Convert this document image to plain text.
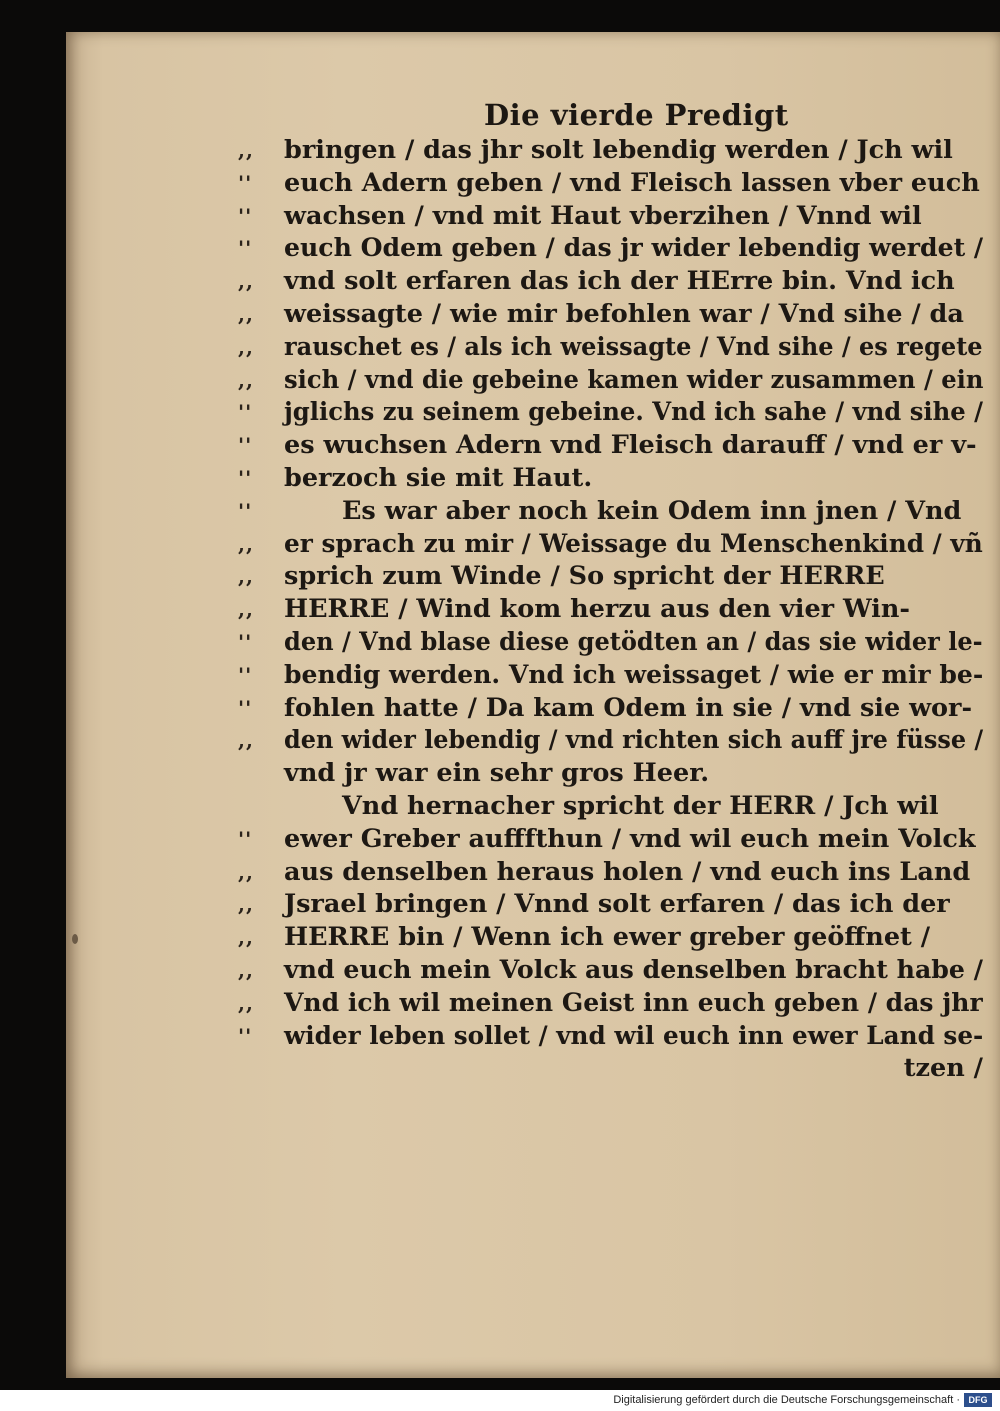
Die vierde Predigt
,,	bringen / das jhr solt lebendig werden / Jch wil
''	euch Adern geben / vnd Fleisch lassen vber euch
''	wachsen / vnd mit Haut vberzihen / Vnnd wil
''	euch Odem geben / das jr wider lebendig werdet /
,,	vnd solt erfaren das ich der HErre bin. Vnd ich
,,	weissagte / wie mir befohlen war / Vnd sihe / da
,,	rauschet es / als ich weissagte / Vnd sihe / es regete
,,	sich / vnd die gebeine kamen wider zusammen / ein
''	jglichs zu seinem gebeine. Vnd ich sahe / vnd sihe /
''	es wuchsen Adern vnd Fleisch darauff / vnd er v-
''	berzoch sie mit Haut.
''	Es war aber noch kein Odem inn jnen / Vnd
,,	er sprach zu mir / Weissage du Menschenkind / vñ
,,	sprich zum Winde / So spricht der HERRE
,,	HERRE / Wind kom herzu aus den vier Win-
''	den / Vnd blase diese getödten an / das sie wider le-
''	bendig werden. Vnd ich weissaget / wie er mir be-
''	fohlen hatte / Da kam Odem in sie / vnd sie wor-
,,	den wider lebendig / vnd richten sich auff jre füsse /
vnd jr war ein sehr gros Heer.
Vnd hernacher spricht der HERR / Jch wil
''	ewer Greber aufffthun / vnd wil euch mein Volck
,,	aus denselben heraus holen / vnd euch ins Land
,,	Jsrael bringen / Vnnd solt erfaren / das ich der
,,	HERRE bin / Wenn ich ewer greber geöffnet /
,,	vnd euch mein Volck aus denselben bracht habe /
,,	Vnd ich wil meinen Geist inn euch geben / das jhr
''	wider leben sollet / vnd wil euch inn ewer Land se-
tzen /
Digitalisierung gefördert durch die Deutsche Forschungsgemeinschaft · DFG
